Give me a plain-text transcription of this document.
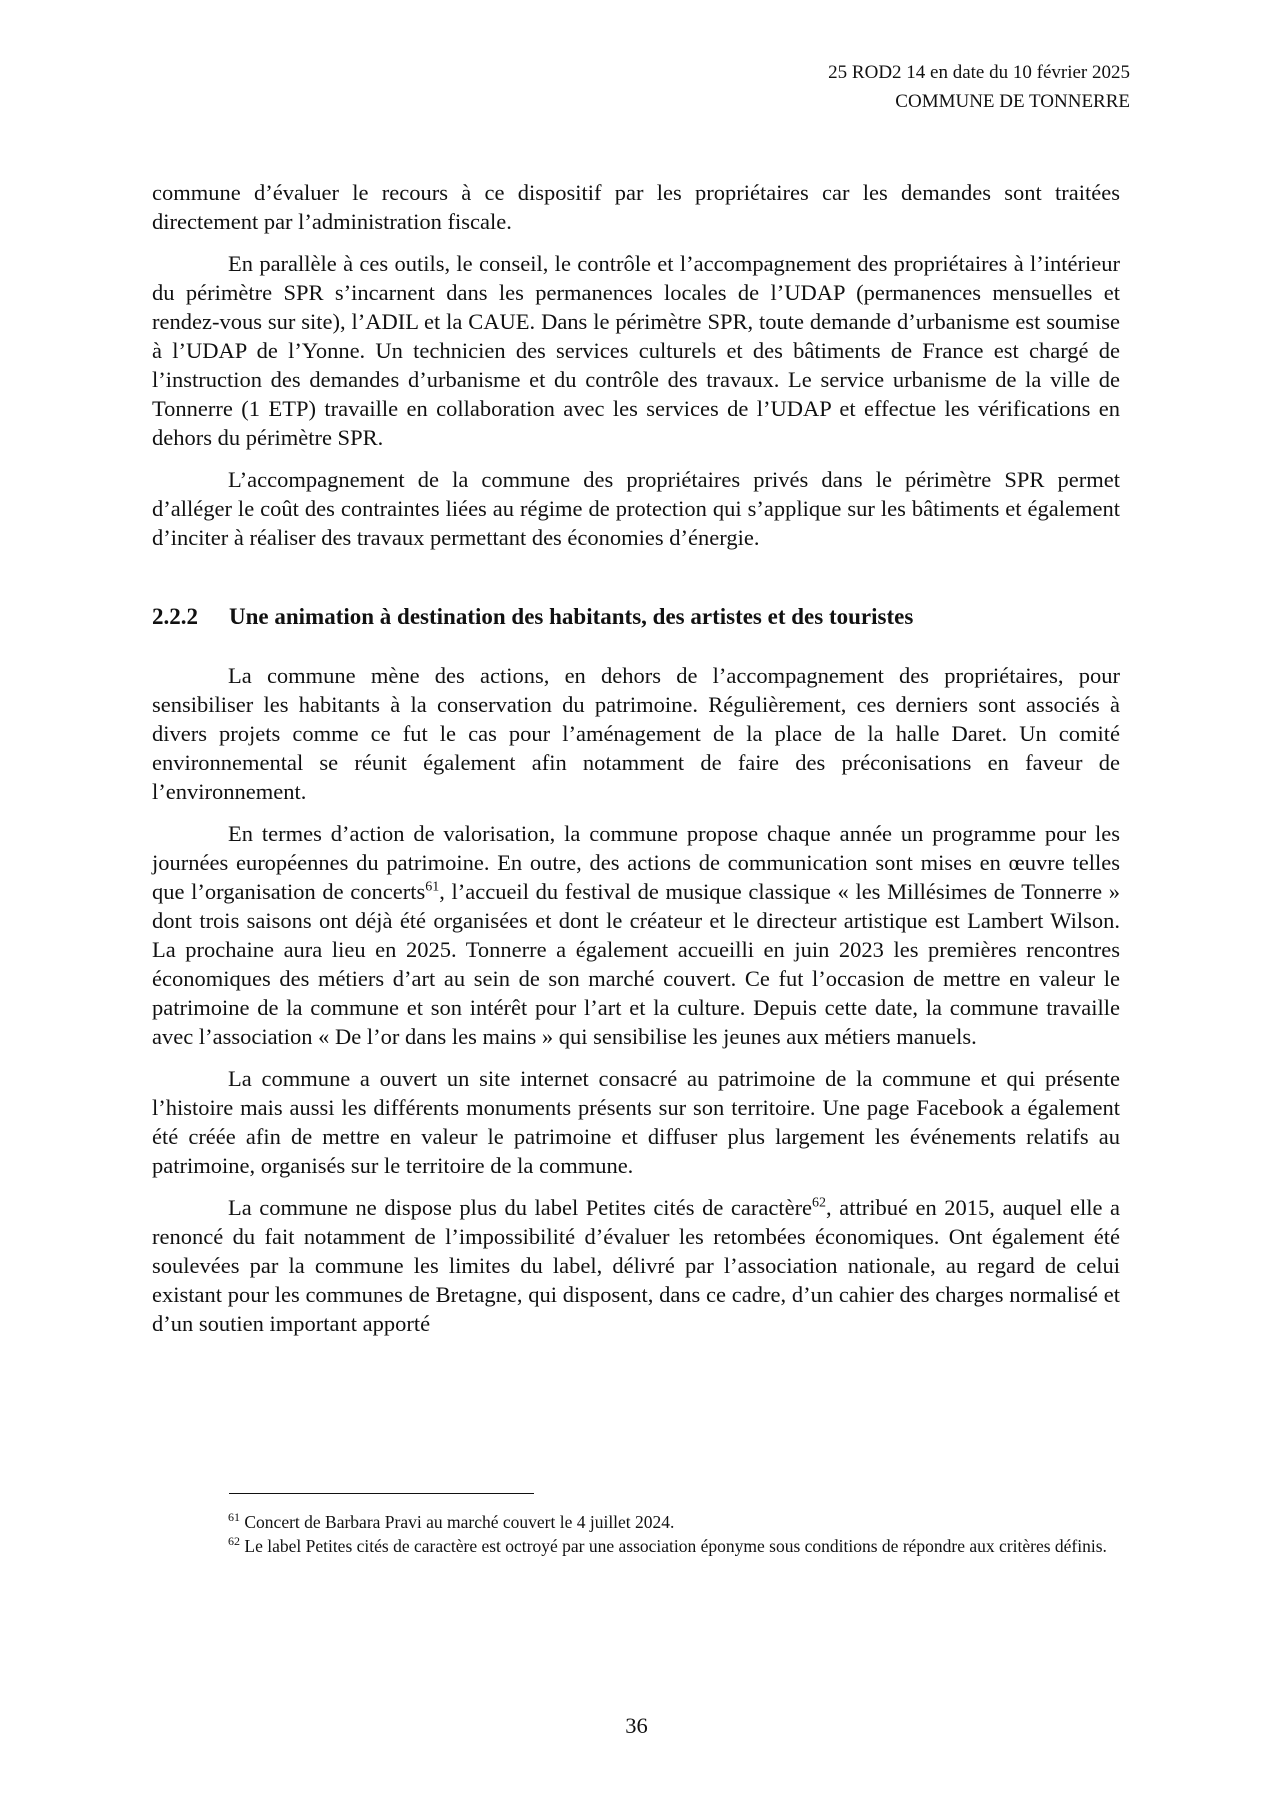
25 ROD2 14 en date du 10 février 2025
COMMUNE DE TONNERRE

commune d’évaluer le recours à ce dispositif par les propriétaires car les demandes sont traitées directement par l’administration fiscale.

En parallèle à ces outils, le conseil, le contrôle et l’accompagnement des propriétaires à l’intérieur du périmètre SPR s’incarnent dans les permanences locales de l’UDAP (permanences mensuelles et rendez-vous sur site), l’ADIL et la CAUE. Dans le périmètre SPR, toute demande d’urbanisme est soumise à l’UDAP de l’Yonne. Un technicien des services culturels et des bâtiments de France est chargé de l’instruction des demandes d’urbanisme et du contrôle des travaux. Le service urbanisme de la ville de Tonnerre (1 ETP) travaille en collaboration avec les services de l’UDAP et effectue les vérifications en dehors du périmètre SPR.

L’accompagnement de la commune des propriétaires privés dans le périmètre SPR permet d’alléger le coût des contraintes liées au régime de protection qui s’applique sur les bâtiments et également d’inciter à réaliser des travaux permettant des économies d’énergie.

2.2.2 Une animation à destination des habitants, des artistes et des touristes

La commune mène des actions, en dehors de l’accompagnement des propriétaires, pour sensibiliser les habitants à la conservation du patrimoine. Régulièrement, ces derniers sont associés à divers projets comme ce fut le cas pour l’aménagement de la place de la halle Daret. Un comité environnemental se réunit également afin notamment de faire des préconisations en faveur de l’environnement.

En termes d’action de valorisation, la commune propose chaque année un programme pour les journées européennes du patrimoine. En outre, des actions de communication sont mises en œuvre telles que l’organisation de concerts$^{61}$, l’accueil du festival de musique classique « les Millésimes de Tonnerre » dont trois saisons ont déjà été organisées et dont le créateur et le directeur artistique est Lambert Wilson. La prochaine aura lieu en 2025. Tonnerre a également accueilli en juin 2023 les premières rencontres économiques des métiers d’art au sein de son marché couvert. Ce fut l’occasion de mettre en valeur le patrimoine de la commune et son intérêt pour l’art et la culture. Depuis cette date, la commune travaille avec l’association « De l’or dans les mains » qui sensibilise les jeunes aux métiers manuels.

La commune a ouvert un site internet consacré au patrimoine de la commune et qui présente l’histoire mais aussi les différents monuments présents sur son territoire. Une page Facebook a également été créée afin de mettre en valeur le patrimoine et diffuser plus largement les événements relatifs au patrimoine, organisés sur le territoire de la commune.

La commune ne dispose plus du label Petites cités de caractère$^{62}$, attribué en 2015, auquel elle a renoncé du fait notamment de l’impossibilité d’évaluer les retombées économiques. Ont également été soulevées par la commune les limites du label, délivré par l’association nationale, au regard de celui existant pour les communes de Bretagne, qui disposent, dans ce cadre, d’un cahier des charges normalisé et d’un soutien important apporté

$^{61}$ Concert de Barbara Pravi au marché couvert le 4 juillet 2024.

$^{62}$ Le label Petites cités de caractère est octroyé par une association éponyme sous conditions de répondre aux critères définis.

36
